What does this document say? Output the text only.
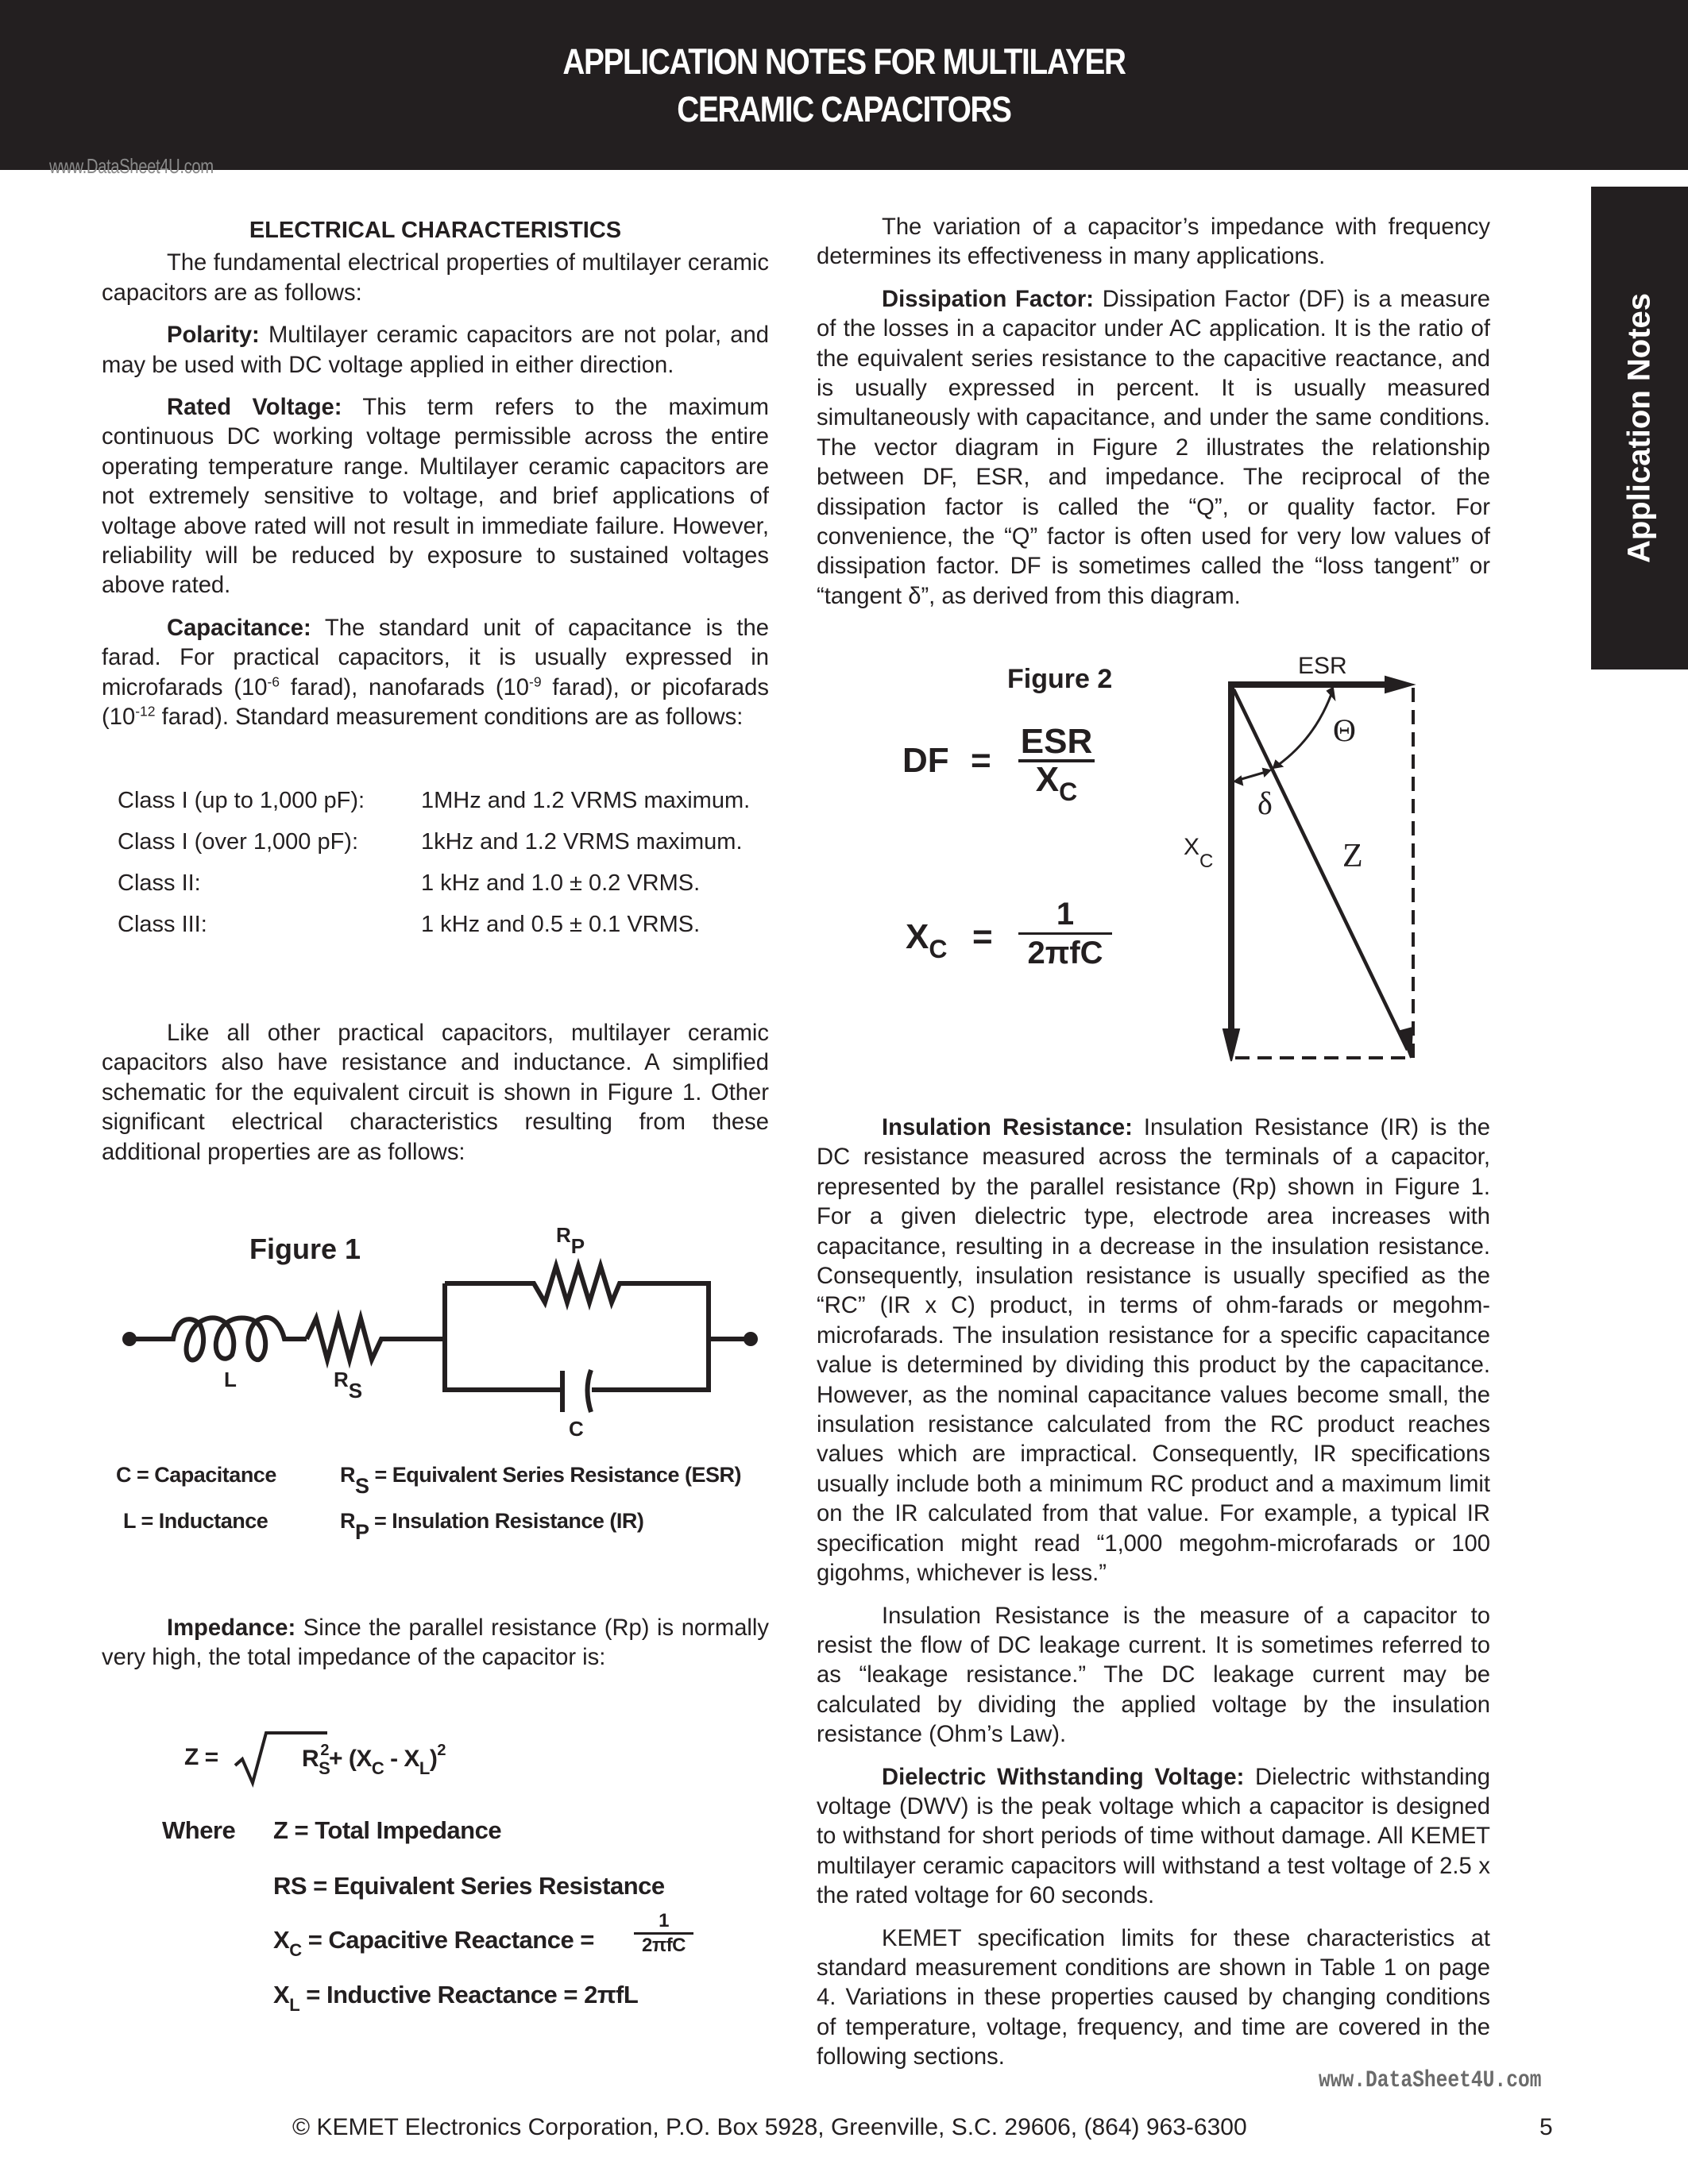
APPLICATION NOTES FOR MULTILAYER
CERAMIC CAPACITORS
www.DataSheet4U.com
Application Notes
ELECTRICAL CHARACTERISTICS

The fundamental electrical properties of multilayer ceramic capacitors are as follows:

Polarity: Multilayer ceramic capacitors are not polar, and may be used with DC voltage applied in either direction.

Rated Voltage: This term refers to the maximum continuous DC working voltage permissible across the entire operating temperature range. Multilayer ceramic capacitors are not extremely sensitive to voltage, and brief applications of voltage above rated will not result in immediate failure. However, reliability will be reduced by exposure to sustained voltages above rated.

Capacitance: The standard unit of capacitance is the farad. For practical capacitors, it is usually expressed in microfarads ($10^{-6}$ farad), nanofarads ($10^{-9}$ farad), or picofarads ($10^{-12}$ farad). Standard measurement conditions are as follows:

Class I (up to 1,000 pF):	1MHz and 1.2 VRMS maximum.
Class I (over 1,000 pF):	1kHz and 1.2 VRMS maximum.
Class II:	1 kHz and 1.0 ± 0.2 VRMS.
Class III:	1 kHz and 0.5 ± 0.1 VRMS.

Like all other practical capacitors, multilayer ceramic capacitors also have resistance and inductance. A simplified schematic for the equivalent circuit is shown in Figure 1. Other significant electrical characteristics resulting from these additional properties are as follows:

Figure 1
L	RS
RP
C
C = Capacitance
L = Inductance
RS = Equivalent Series Resistance (ESR)
RP = Insulation Resistance (IR)

Impedance: Since the parallel resistance (Rp) is normally very high, the total impedance of the capacitor is:

Z =	$R_S^2+ (X_C - X_L)^2$
Where Z = Total Impedance
RS = Equivalent Series Resistance
$X_C$ = Capacitive Reactance =
1
2πfC
$X_L$ = Inductive Reactance = 2πfL

The variation of a capacitor’s impedance with frequency determines its effectiveness in many applications.

Dissipation Factor: Dissipation Factor (DF) is a measure of the losses in a capacitor under AC application. It is the ratio of the equivalent series resistance to the capacitive reactance, and is usually expressed in percent. It is usually measured simultaneously with capacitance, and under the same conditions. The vector diagram in Figure 2 illustrates the relationship between DF, ESR, and impedance. The reciprocal of the dissipation factor is called the “Q”, or quality factor. For convenience, the “Q” factor is often used for very low values of dissipation factor. DF is sometimes called the “loss tangent” or “tangent δ”, as derived from this diagram.

Figure 2
DF = ESR
$X_C$
$X_C$ =
1
2πfC
ESR
Θ
δ
Z
$X_C$

Insulation Resistance: Insulation Resistance (IR) is the DC resistance measured across the terminals of a capacitor, represented by the parallel resistance (Rp) shown in Figure 1. For a given dielectric type, electrode area increases with capacitance, resulting in a decrease in the insulation resistance. Consequently, insulation resistance is usually specified as the “RC” (IR x C) product, in terms of ohm-farads or megohm-microfarads. The insulation resistance for a specific capacitance value is determined by dividing this product by the capacitance. However, as the nominal capacitance values become small, the insulation resistance calculated from the RC product reaches values which are impractical. Consequently, IR specifications usually include both a minimum RC product and a maximum limit on the IR calculated from that value. For example, a typical IR specification might read “1,000 megohm-microfarads or 100 gigohms, whichever is less.”

Insulation Resistance is the measure of a capacitor to resist the flow of DC leakage current. It is sometimes referred to as “leakage resistance.” The DC leakage current may be calculated by dividing the applied voltage by the insulation resistance (Ohm’s Law).

Dielectric Withstanding Voltage: Dielectric withstanding voltage (DWV) is the peak voltage which a capacitor is designed to withstand for short periods of time without damage. All KEMET multilayer ceramic capacitors will withstand a test voltage of 2.5 x the rated voltage for 60 seconds.

KEMET specification limits for these characteristics at standard measurement conditions are shown in Table 1 on page 4. Variations in these properties caused by changing conditions of temperature, voltage, frequency, and time are covered in the following sections.

www.DataSheet4U.com
© KEMET Electronics Corporation, P.O. Box 5928, Greenville, S.C. 29606, (864) 963-6300	5
